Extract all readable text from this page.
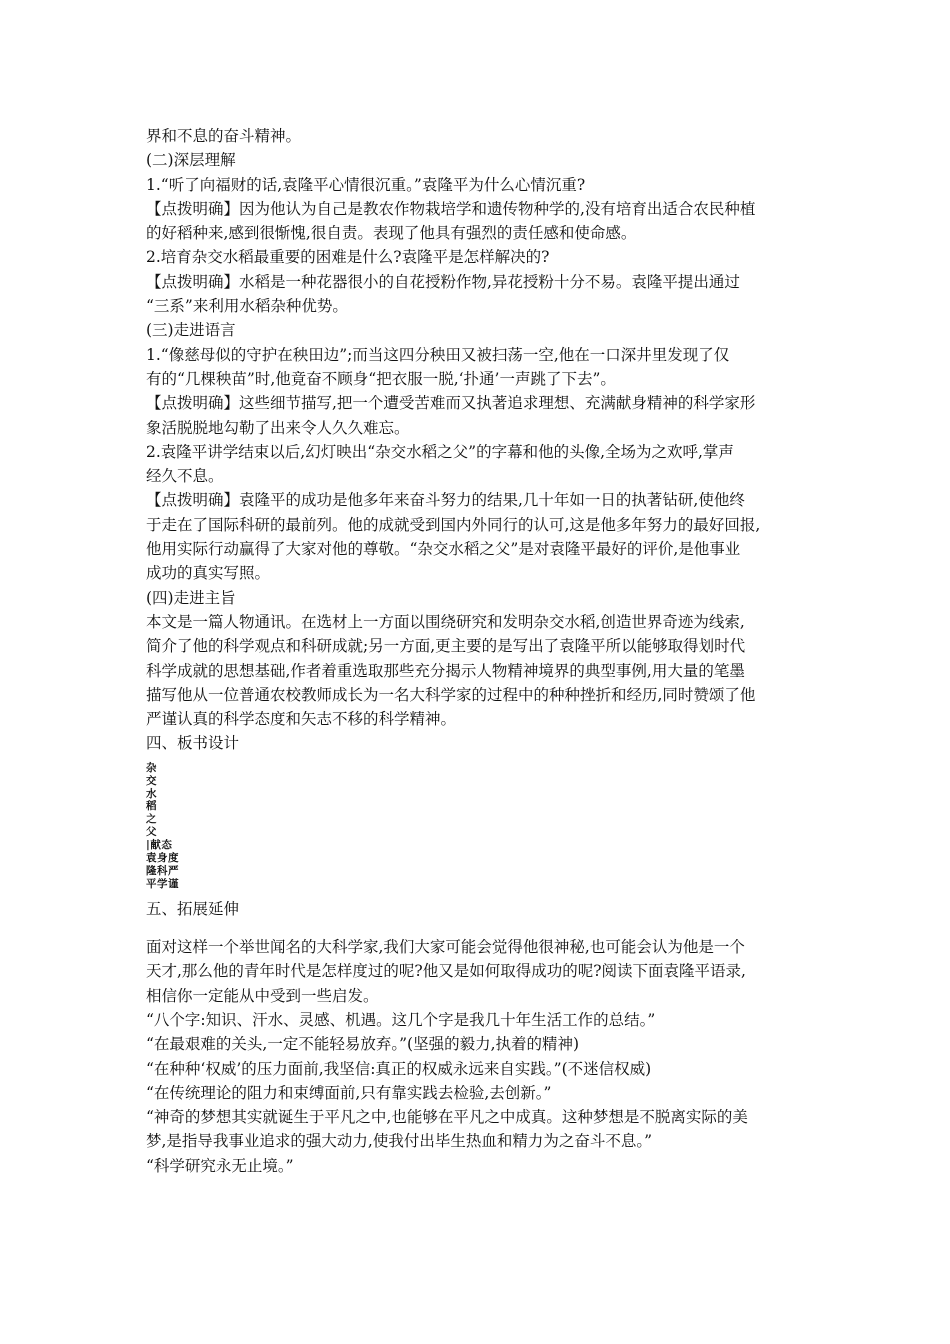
界和不息的奋斗精神。
(二)深层理解
1.“听了向福财的话,袁隆平心情很沉重。”袁隆平为什么心情沉重?
【点拨明确】因为他认为自己是教农作物栽培学和遗传物种学的,没有培育出适合农民种植
的好稻种来,感到很惭愧,很自责。表现了他具有强烈的责任感和使命感。
2.培育杂交水稻最重要的困难是什么?袁隆平是怎样解决的?
【点拨明确】水稻是一种花器很小的自花授粉作物,异花授粉十分不易。袁隆平提出通过
“三系”来利用水稻杂种优势。
(三)走进语言
1.“像慈母似的守护在秧田边”;而当这四分秧田又被扫荡一空,他在一口深井里发现了仅
有的“几棵秧苗”时,他竟奋不顾身“把衣服一脱,‘扑通’一声跳了下去”。
【点拨明确】这些细节描写,把一个遭受苦难而又执著追求理想、充满献身精神的科学家形
象活脱脱地勾勒了出来令人久久难忘。
2.袁隆平讲学结束以后,幻灯映出“杂交水稻之父”的字幕和他的头像,全场为之欢呼,掌声
经久不息。
【点拨明确】袁隆平的成功是他多年来奋斗努力的结果,几十年如一日的执著钻研,使他终
于走在了国际科研的最前列。他的成就受到国内外同行的认可,这是他多年努力的最好回报,
他用实际行动赢得了大家对他的尊敬。“杂交水稻之父”是对袁隆平最好的评价,是他事业
成功的真实写照。
(四)走进主旨
本文是一篇人物通讯。在选材上一方面以围绕研究和发明杂交水稻,创造世界奇迹为线索,
简介了他的科学观点和科研成就;另一方面,更主要的是写出了袁隆平所以能够取得划时代
科学成就的思想基础,作者着重选取那些充分揭示人物精神境界的典型事例,用大量的笔墨
描写他从一位普通农校教师成长为一名大科学家的过程中的种种挫折和经历,同时赞颂了他
严谨认真的科学态度和矢志不移的科学精神。
四、板书设计
杂
交
水
稻
之
父
|献态
袁身度
隆科严
平学谨
五、拓展延伸
面对这样一个举世闻名的大科学家,我们大家可能会觉得他很神秘,也可能会认为他是一个
天才,那么他的青年时代是怎样度过的呢?他又是如何取得成功的呢?阅读下面袁隆平语录,
相信你一定能从中受到一些启发。
“八个字:知识、汗水、灵感、机遇。这几个字是我几十年生活工作的总结。”
“在最艰难的关头,一定不能轻易放弃。”(坚强的毅力,执着的精神)
“在种种‘权威’的压力面前,我坚信:真正的权威永远来自实践。”(不迷信权威)
“在传统理论的阻力和束缚面前,只有靠实践去检验,去创新。”
“神奇的梦想其实就诞生于平凡之中,也能够在平凡之中成真。这种梦想是不脱离实际的美
梦,是指导我事业追求的强大动力,使我付出毕生热血和精力为之奋斗不息。”
“科学研究永无止境。”
